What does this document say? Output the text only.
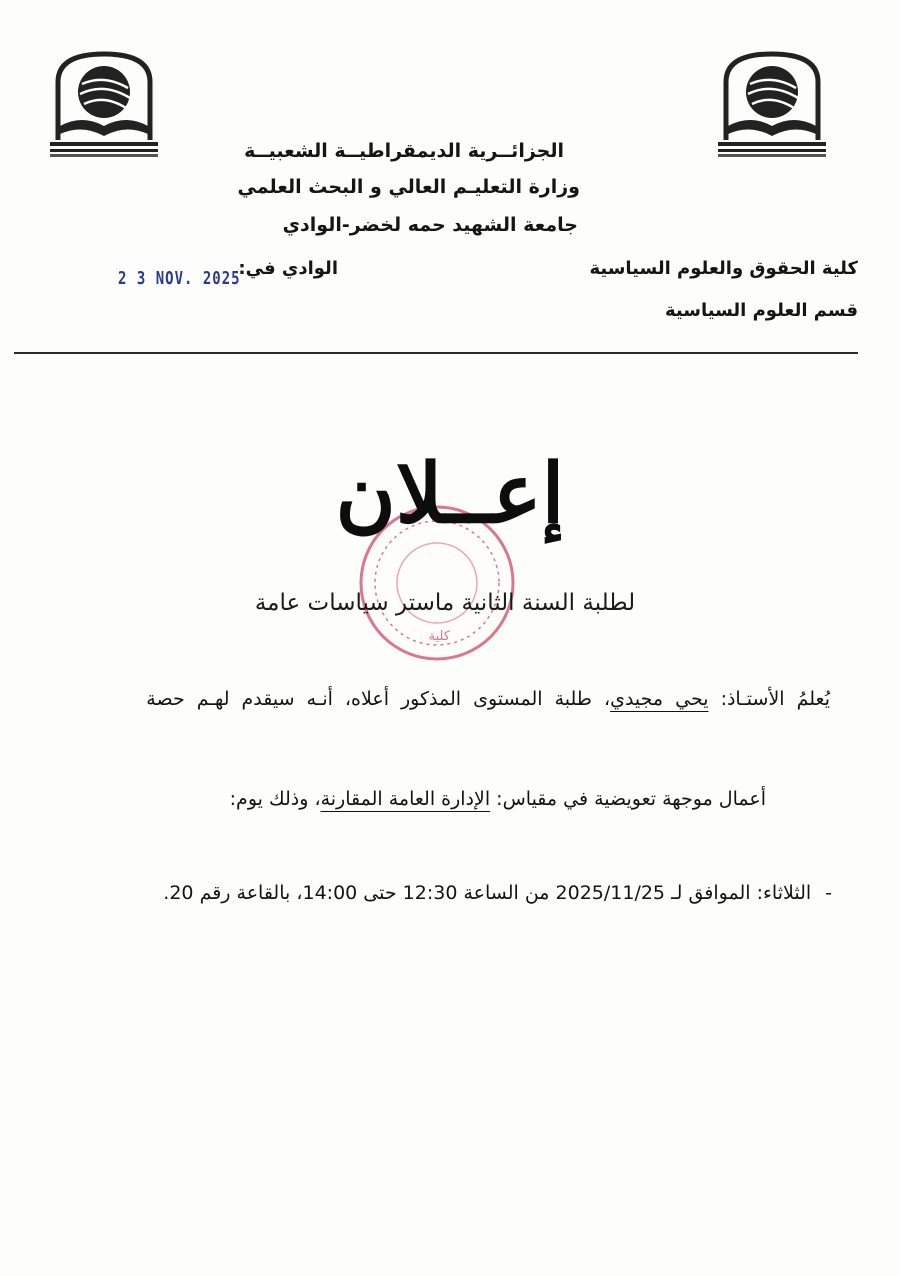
الجزائــرية الديمقراطيــة الشعبيــة
وزارة التعليـم العالي و البحث العلمي
جامعة الشهيد حمه لخضر-الوادي
كلية الحقوق والعلوم السياسية
قسم العلوم السياسية
الوادي في:
2 3 NOV. 2025
كلية
إعــلان
لطلبة السنة الثانية ماستر سياسات عامة
يُعلمُ الأستـاذ: يحي مجيدي، طلبة المستوى المذكور أعلاه، أنـه سيقدم لهـم حصة
أعمال موجهة تعويضية في مقياس: الإدارة العامة المقارنة، وذلك يوم:
-الثلاثاء: الموافق لـ 2025/11/25 من الساعة 12:30 حتى 14:00، بالقاعة رقم 20.
